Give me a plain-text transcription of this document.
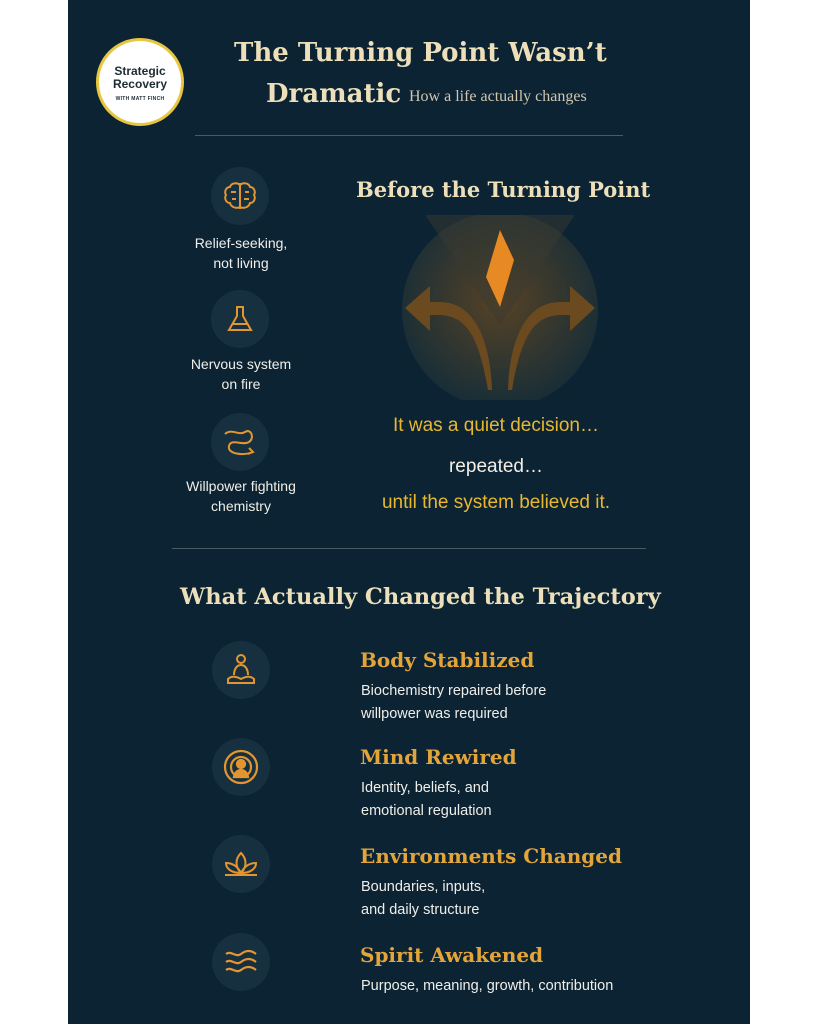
Strategic
Recovery
WITH MATT FINCH
The Turning Point Wasn’t
Dramatic How a life actually changes
Relief-seeking,
not living
Nervous system
on fire
Willpower fighting
chemistry
Before the Turning Point
It was a quiet decision…
repeated…
until the system believed it.
What Actually Changed the Trajectory
Body Stabilized
Biochemistry repaired before
willpower was required
Mind Rewired
Identity, beliefs, and
emotional regulation
Environments Changed
Boundaries, inputs,
and daily structure
Spirit Awakened
Purpose, meaning, growth, contribution
